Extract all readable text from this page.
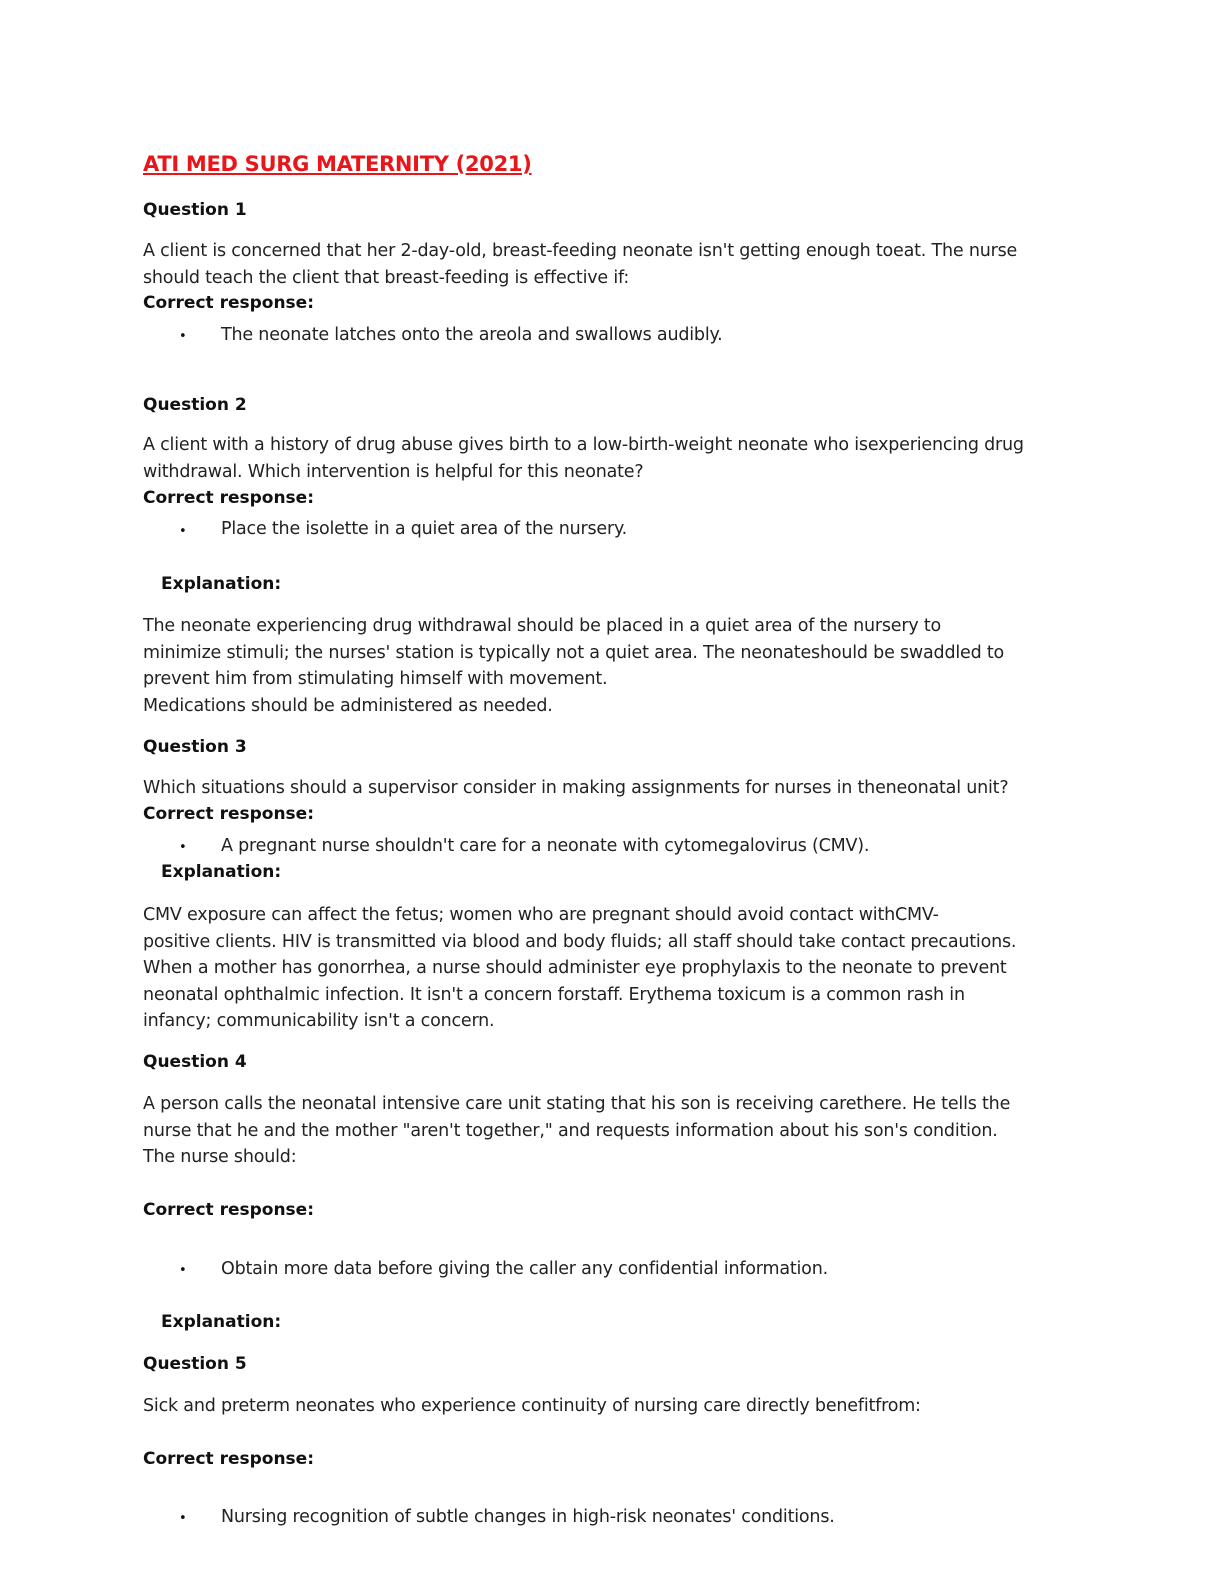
ATI MED SURG MATERNITY (2021)
Question 1
A client is concerned that her 2-day-old, breast-feeding neonate isn't getting enough toeat. The nurse
should teach the client that breast-feeding is effective if:
Correct response:
• The neonate latches onto the areola and swallows audibly.
Question 2
A client with a history of drug abuse gives birth to a low-birth-weight neonate who isexperiencing drug
withdrawal. Which intervention is helpful for this neonate?
Correct response:
• Place the isolette in a quiet area of the nursery.
Explanation:
The neonate experiencing drug withdrawal should be placed in a quiet area of the nursery to
minimize stimuli; the nurses' station is typically not a quiet area. The neonateshould be swaddled to
prevent him from stimulating himself with movement.
Medications should be administered as needed.
Question 3
Which situations should a supervisor consider in making assignments for nurses in theneonatal unit?
Correct response:
• A pregnant nurse shouldn't care for a neonate with cytomegalovirus (CMV).
Explanation:
CMV exposure can affect the fetus; women who are pregnant should avoid contact withCMV-
positive clients. HIV is transmitted via blood and body fluids; all staff should take contact precautions.
When a mother has gonorrhea, a nurse should administer eye prophylaxis to the neonate to prevent
neonatal ophthalmic infection. It isn't a concern forstaff. Erythema toxicum is a common rash in
infancy; communicability isn't a concern.
Question 4
A person calls the neonatal intensive care unit stating that his son is receiving carethere. He tells the
nurse that he and the mother "aren't together," and requests information about his son's condition.
The nurse should:
Correct response:
• Obtain more data before giving the caller any confidential information.
Explanation:
Question 5
Sick and preterm neonates who experience continuity of nursing care directly benefitfrom:
Correct response:
• Nursing recognition of subtle changes in high-risk neonates' conditions.
